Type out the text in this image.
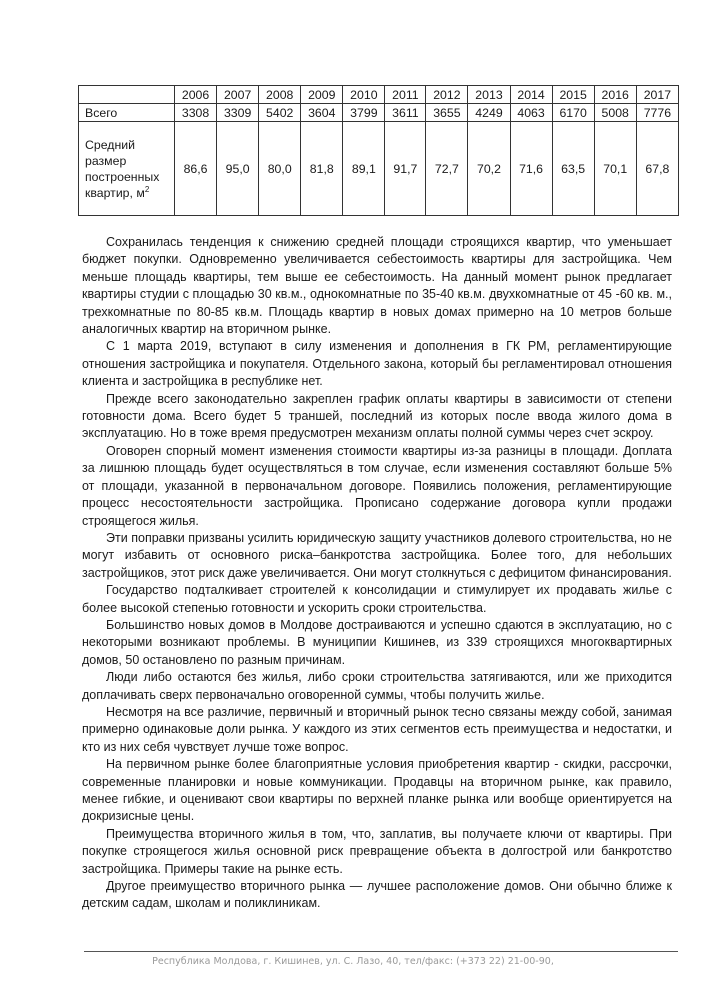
	2006	2007	2008	2009	2010	2011	2012	2013	2014	2015	2016	2017
Всего	3308	3309	5402	3604	3799	3611	3655	4249	4063	6170	5008	7776
Средний
размер
построенных
квартир, $м^2$	86,6	95,0	80,0	81,8	89,1	91,7	72,7	70,2	71,6	63,5	70,1	67,8

Сохранилась тенденция к снижению средней площади строящихся квартир, что уменьшает бюджет покупки. Одновременно увеличивается себестоимость квартиры для застройщика. Чем меньше площадь квартиры, тем выше ее себестоимость. На данный момент рынок предлагает квартиры студии с площадью 30 кв.м., однокомнатные по 35-40 кв.м. двухкомнатные от 45 -60 кв. м., трехкомнатные по 80-85 кв.м. Площадь квартир в новых домах примерно на 10 метров больше аналогичных квартир на вторичном рынке.

С 1 марта 2019, вступают в силу изменения и дополнения в ГК РМ, регламентирующие отношения застройщика и покупателя. Отдельного закона, который бы регламентировал отношения клиента и застройщика в республике нет.

Прежде всего законодательно закреплен график оплаты квартиры в зависимости от степени готовности дома. Всего будет 5 траншей, последний из которых после ввода жилого дома в эксплуатацию. Но в тоже время предусмотрен механизм оплаты полной суммы через счет эскроу.

Оговорен спорный момент изменения стоимости квартиры из-за разницы в площади. Доплата за лишнюю площадь будет осуществляться в том случае, если изменения составляют больше 5% от площади, указанной в первоначальном договоре. Появились положения, регламентирующие процесс несостоятельности застройщика. Прописано содержание договора купли продажи строящегося жилья.

Эти поправки призваны усилить юридическую защиту участников долевого строительства, но не могут избавить от основного риска–банкротства застройщика. Более того, для небольших застройщиков, этот риск даже увеличивается. Они могут столкнуться с дефицитом финансирования.

Государство подталкивает строителей к консолидации и стимулирует их продавать жилье с более высокой степенью готовности и ускорить сроки строительства.

Большинство новых домов в Молдове достраиваются и успешно сдаются в эксплуатацию, но с некоторыми возникают проблемы. В муниципии Кишинев, из 339 строящихся многоквартирных домов, 50 остановлено по разным причинам.

Люди либо остаются без жилья, либо сроки строительства затягиваются, или же приходится доплачивать сверх первоначально оговоренной суммы, чтобы получить жилье.

Несмотря на все различие, первичный и вторичный рынок тесно связаны между собой, занимая примерно одинаковые доли рынка. У каждого из этих сегментов есть преимущества и недостатки, и кто из них себя чувствует лучше тоже вопрос.

На первичном рынке более благоприятные условия приобретения квартир - скидки, рассрочки, современные планировки и новые коммуникации. Продавцы на вторичном рынке, как правило, менее гибкие, и оценивают свои квартиры по верхней планке рынка или вообще ориентируется на докризисные цены.

Преимущества вторичного жилья в том, что, заплатив, вы получаете ключи от квартиры. При покупке строящегося жилья основной риск превращение объекта в долгострой или банкротство застройщика. Примеры такие на рынке есть.

Другое преимущество вторичного рынка — лучшее расположение домов. Они обычно ближе к детским садам, школам и поликлиникам.

Республика Молдова, г. Кишинев, ул. С. Лазо, 40, тел/факс: (+373 22) 21-00-90,
